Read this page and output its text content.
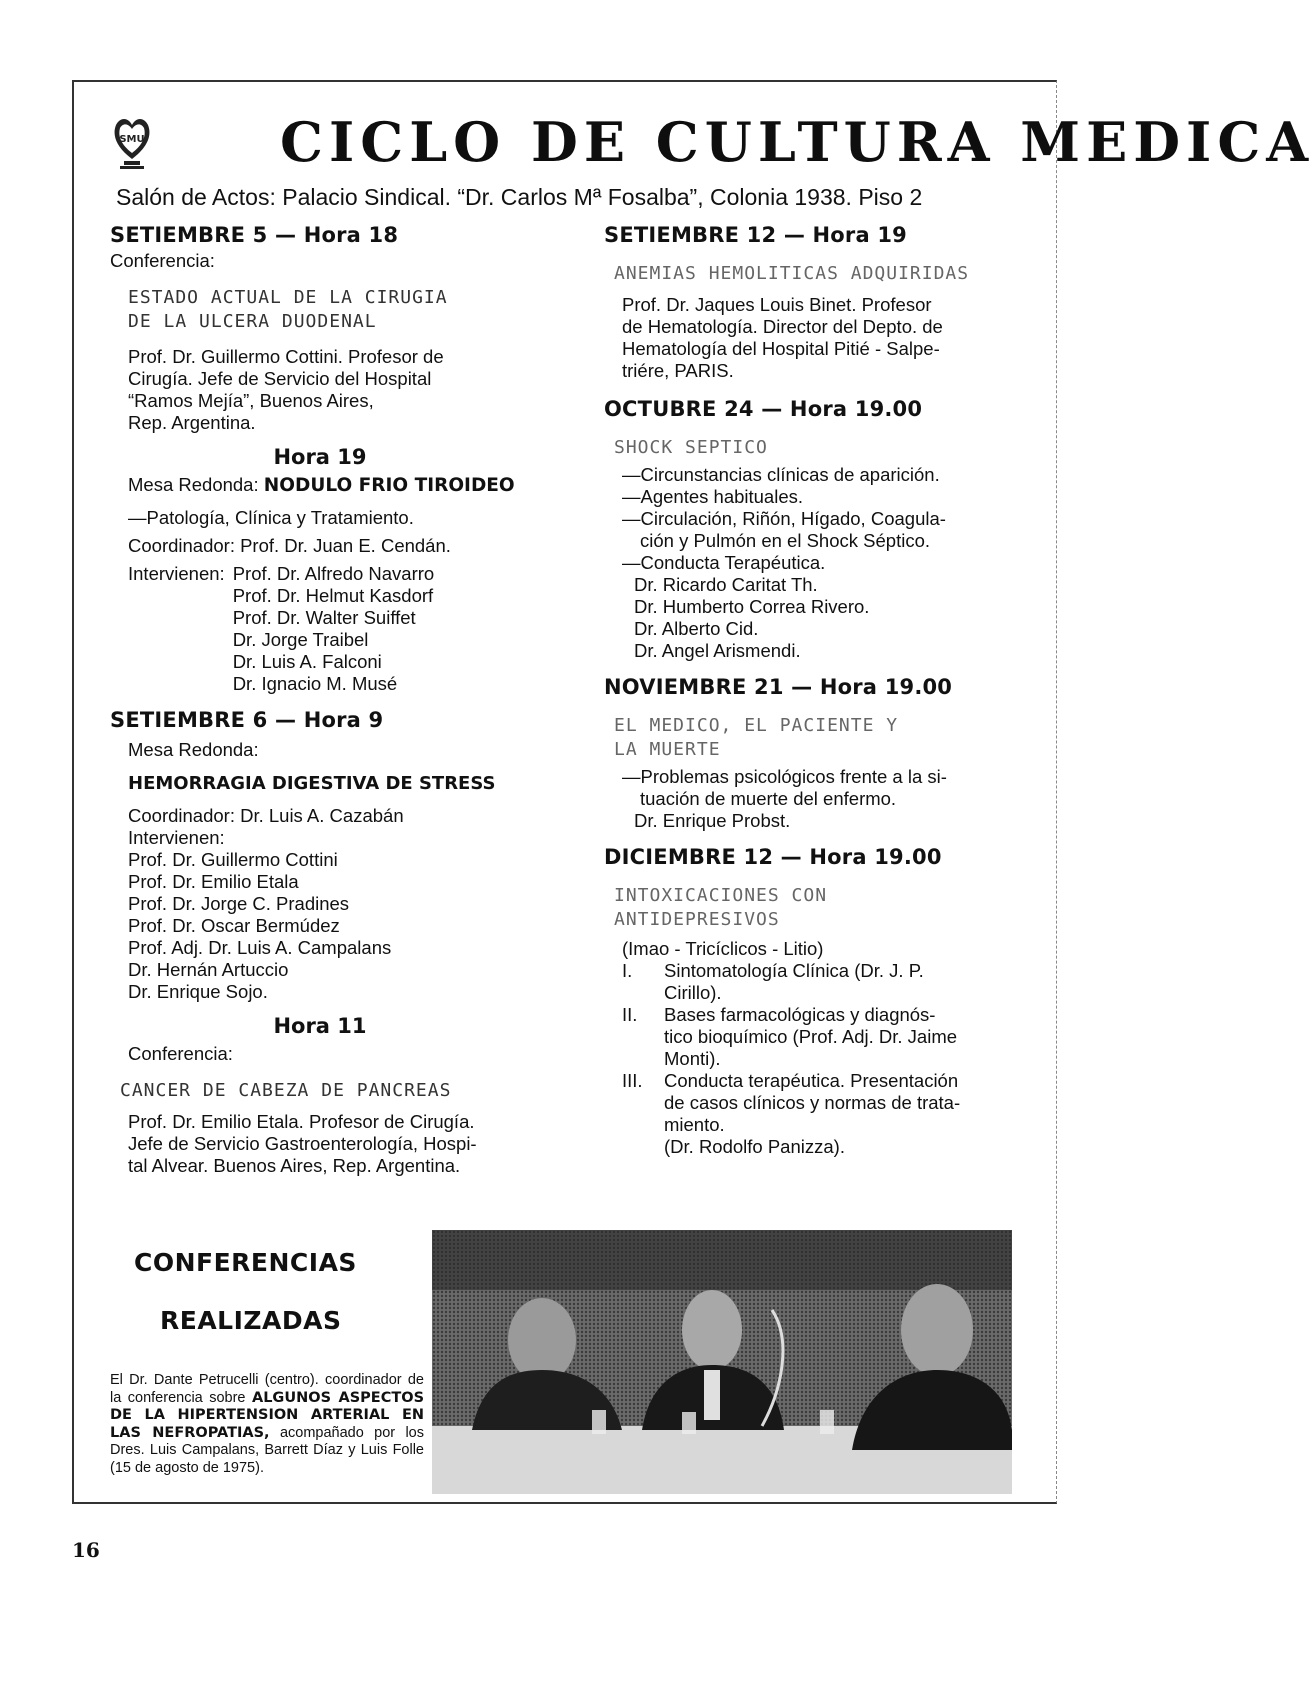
SMU	CICLO DE CULTURA MEDICA
Salón de Actos: Palacio Sindical. “Dr. Carlos Mª Fosalba”, Colonia 1938. Piso 2

SETIEMBRE 5 — Hora 18

Conferencia:

ESTADO ACTUAL DE LA CIRUGIA
DE LA ULCERA DUODENAL

Prof. Dr. Guillermo Cottini. Profesor de

Cirugía. Jefe de Servicio del Hospital

“Ramos Mejía”, Buenos Aires,

Rep. Argentina.

Hora 19

Mesa Redonda: NODULO FRIO TIROIDEO

—Patología, Clínica y Tratamiento.

Coordinador: Prof. Dr. Juan E. Cendán.

Intervienen: Prof. Dr. Alfredo Navarro

Prof. Dr. Helmut Kasdorf

Prof. Dr. Walter Suiffet

Dr. Jorge Traibel

Dr. Luis A. Falconi

Dr. Ignacio M. Musé

SETIEMBRE 6 — Hora 9

Mesa Redonda:

HEMORRAGIA DIGESTIVA DE STRESS

Coordinador: Dr. Luis A. Cazabán

Intervienen:

Prof. Dr. Guillermo Cottini

Prof. Dr. Emilio Etala

Prof. Dr. Jorge C. Pradines

Prof. Dr. Oscar Bermúdez

Prof. Adj. Dr. Luis A. Campalans

Dr. Hernán Artuccio

Dr. Enrique Sojo.

Hora 11

Conferencia:

CANCER DE CABEZA DE PANCREAS

Prof. Dr. Emilio Etala. Profesor de Cirugía.

Jefe de Servicio Gastroenterología, Hospi-

tal Alvear. Buenos Aires, Rep. Argentina.

SETIEMBRE 12 — Hora 19

ANEMIAS HEMOLITICAS ADQUIRIDAS

Prof. Dr. Jaques Louis Binet. Profesor

de Hematología. Director del Depto. de

Hematología del Hospital Pitié - Salpe-

triére, PARIS.

OCTUBRE 24 — Hora 19.00

SHOCK SEPTICO

—Circunstancias clínicas de aparición.

—Agentes habituales.

—Circulación, Riñón, Hígado, Coagula-

ción y Pulmón en el Shock Séptico.

—Conducta Terapéutica.

Dr. Ricardo Caritat Th.

Dr. Humberto Correa Rivero.

Dr. Alberto Cid.

Dr. Angel Arismendi.

NOVIEMBRE 21 — Hora 19.00

EL MEDICO, EL PACIENTE Y
LA MUERTE

—Problemas psicológicos frente a la si-

tuación de muerte del enfermo.

Dr. Enrique Probst.

DICIEMBRE 12 — Hora 19.00

INTOXICACIONES CON
ANTIDEPRESIVOS

(Imao - Tricíclicos - Litio)

I.	Sintomatología Clínica (Dr. J. P.

Cirillo).

II.	Bases farmacológicas y diagnós-

tico bioquímico (Prof. Adj. Dr. Jaime

Monti).

III.	Conducta terapéutica. Presentación

de casos clínicos y normas de trata-

miento.

(Dr. Rodolfo Panizza).

CONFERENCIAS
REALIZADAS
El Dr. Dante Petrucelli (centro). coordinador de la conferencia sobre ALGUNOS ASPECTOS DE LA HIPERTENSION ARTERIAL EN LAS NEFROPATIAS, acompañado por los Dres. Luis Campalans, Barrett Díaz y Luis Folle (15 de agosto de 1975).
16
